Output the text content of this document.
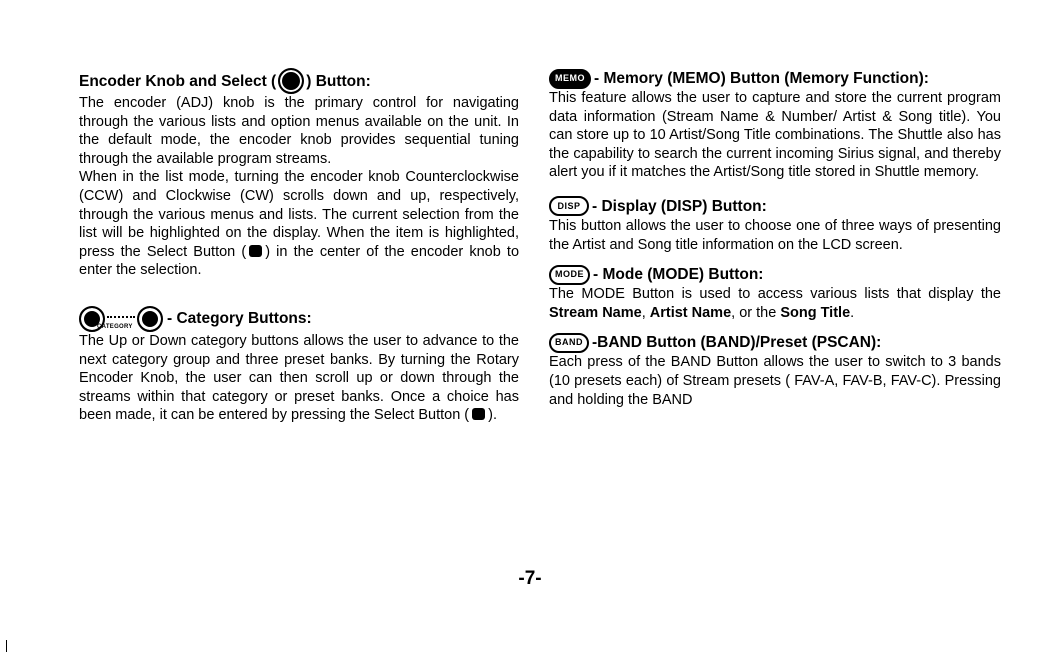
Encoder Knob and Select ( ) Button:

The encoder (ADJ) knob is the primary control for navigating through the various lists and option menus available on the unit. In the default mode, the encoder knob provides sequential tuning through the available program streams.

When in the list mode, turning the encoder knob Counterclockwise (CCW) and Clockwise (CW) scrolls down and up, respectively, through the various menus and lists. The current selection from the list will be highlighted on the display. When the item is highlighted, press the Select Button ( ) in the center of the encoder knob to enter the selection.

CATEGORY - Category Buttons:

The Up or Down category buttons allows the user to advance to the next category group and three preset banks. By turning the Rotary Encoder Knob, the user can then scroll up or down through the streams within that category or preset banks. Once a choice has been made, it can be entered by pressing the Select Button ( ).

MEMO - Memory (MEMO) Button (Memory Function):

This feature allows the user to capture and store the current program data information (Stream Name & Number/ Artist & Song title). You can store up to 10 Artist/Song Title combinations. The Shuttle also has the capability to search the current incoming Sirius signal, and thereby alert you if it matches the Artist/Song title stored in Shuttle memory.

DISP - Display (DISP) Button:

This button allows the user to choose one of three ways of presenting the Artist and Song title information on the LCD screen.

MODE - Mode (MODE) Button:

The MODE Button is used to access various lists that display the Stream Name, Artist Name, or the Song Title.

BAND -BAND Button (BAND)/Preset (PSCAN):

Each press of the BAND Button allows the user to switch to 3 bands (10 presets each) of Stream presets ( FAV-A, FAV-B, FAV-C). Pressing and holding the BAND

-7-
